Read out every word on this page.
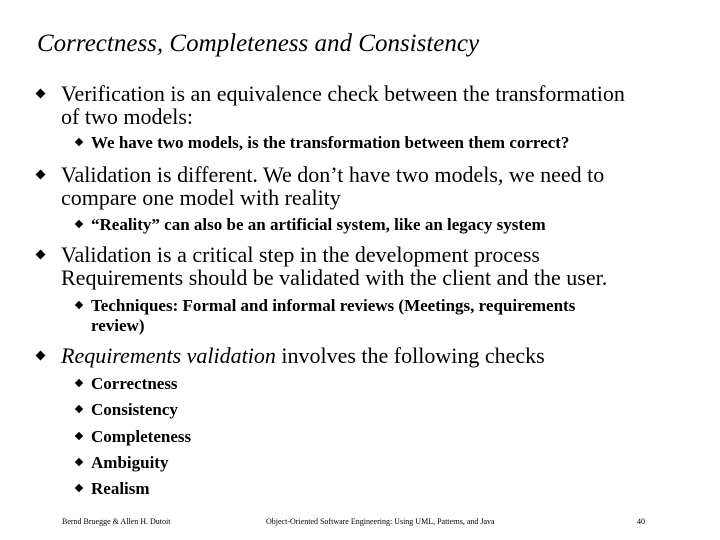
Correctness, Completeness and Consistency
Verification is an equivalence check between the transformation
of two models:
We have two models, is the transformation between them correct?
Validation is different. We don’t have two models, we need to
compare one model with reality
“Reality” can also be an artificial system, like an legacy system
Validation is a critical step in the development process
Requirements should be validated with the client and the user.
Techniques: Formal and informal reviews (Meetings, requirements
review)
Requirements validation involves the following checks
Correctness
Consistency
Completeness
Ambiguity
Realism
Bernd Bruegge & Allen H. Dutoit	Object-Oriented Software Engineering: Using UML, Patterns, and Java	40
